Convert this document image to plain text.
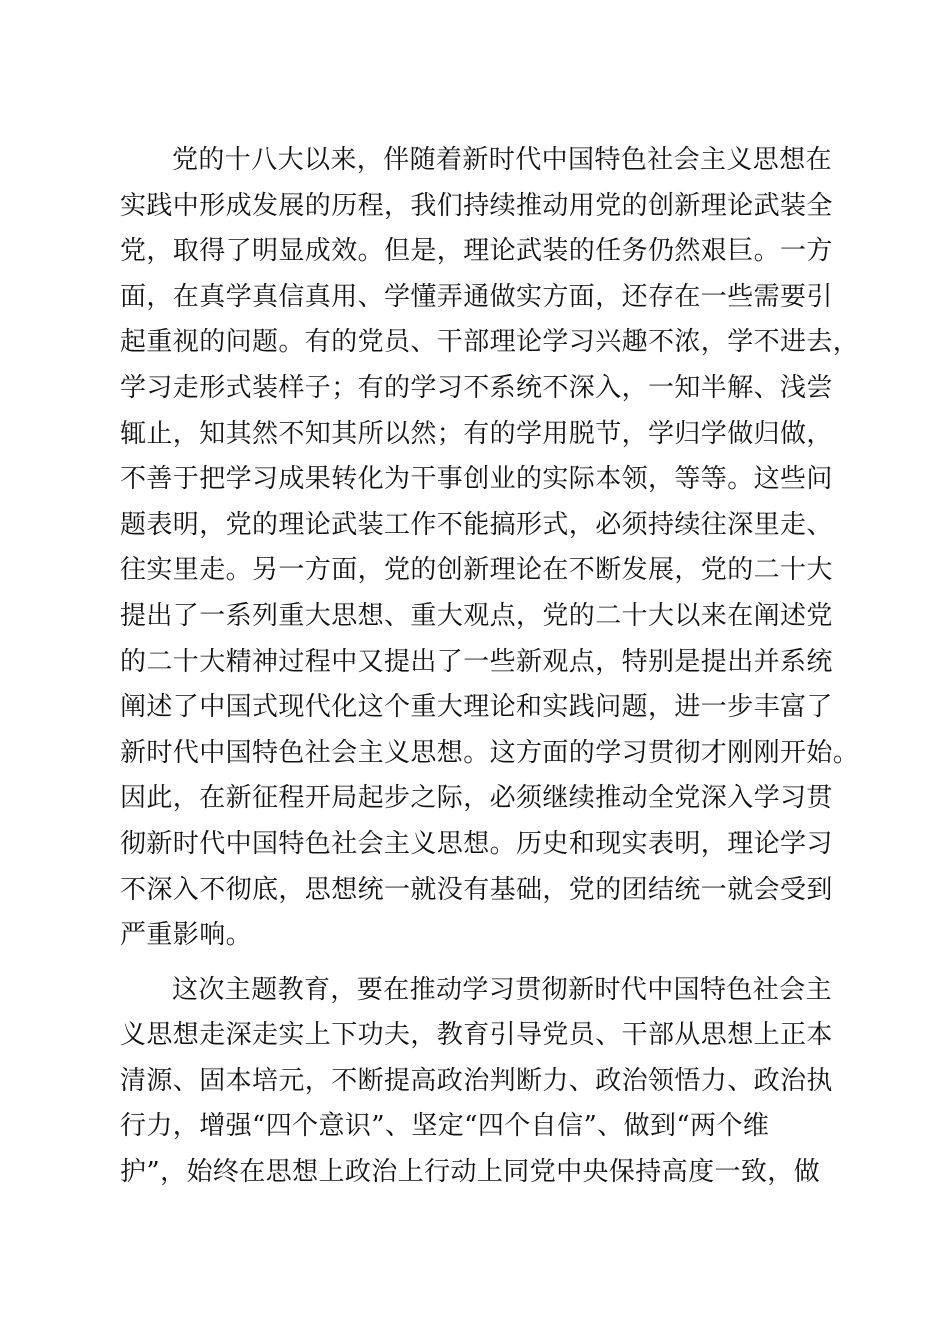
党的十八大以来，伴随着新时代中国特色社会主义思想在
实践中形成发展的历程，我们持续推动用党的创新理论武装全
党，取得了明显成效。但是，理论武装的任务仍然艰巨。一方
面，在真学真信真用、学懂弄通做实方面，还存在一些需要引
起重视的问题。有的党员、干部理论学习兴趣不浓，学不进去，
学习走形式装样子；有的学习不系统不深入，一知半解、浅尝
辄止，知其然不知其所以然；有的学用脱节，学归学做归做，
不善于把学习成果转化为干事创业的实际本领，等等。这些问
题表明，党的理论武装工作不能搞形式，必须持续往深里走、
往实里走。另一方面，党的创新理论在不断发展，党的二十大
提出了一系列重大思想、重大观点，党的二十大以来在阐述党
的二十大精神过程中又提出了一些新观点，特别是提出并系统
阐述了中国式现代化这个重大理论和实践问题，进一步丰富了
新时代中国特色社会主义思想。这方面的学习贯彻才刚刚开始。
因此，在新征程开局起步之际，必须继续推动全党深入学习贯
彻新时代中国特色社会主义思想。历史和现实表明，理论学习
不深入不彻底，思想统一就没有基础，党的团结统一就会受到
严重影响。
这次主题教育，要在推动学习贯彻新时代中国特色社会主
义思想走深走实上下功夫，教育引导党员、干部从思想上正本
清源、固本培元，不断提高政治判断力、政治领悟力、政治执
行力，增强“四个意识”、坚定“四个自信”、做到“两个维
护”，始终在思想上政治上行动上同党中央保持高度一致，做
